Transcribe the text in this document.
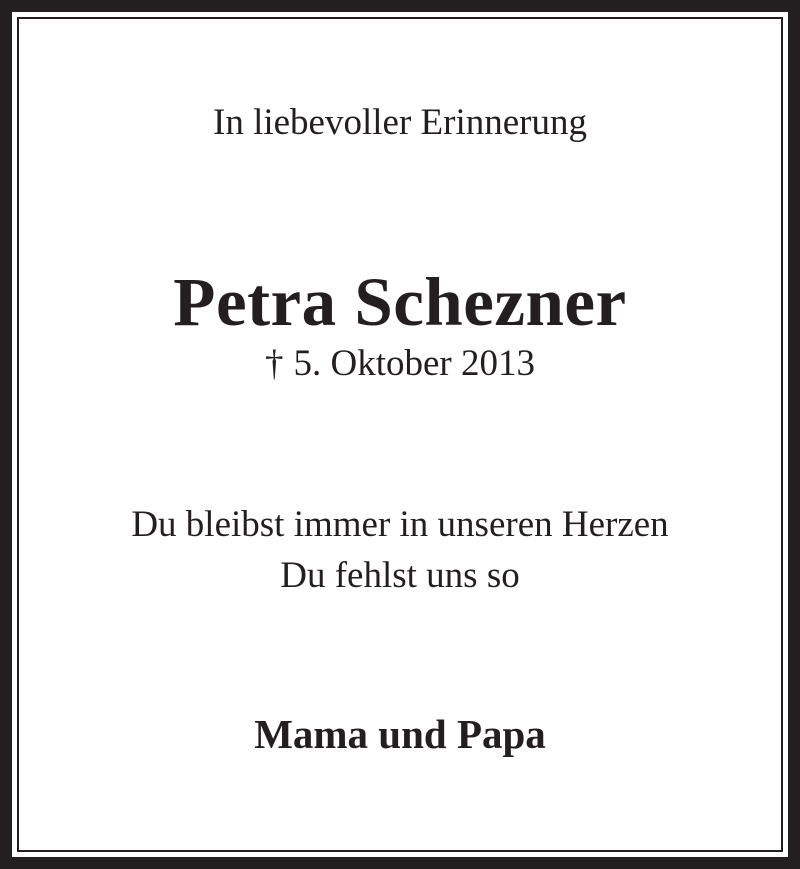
In liebevoller Erinnerung
Petra Schezner
† 5. Oktober 2013
Du bleibst immer in unseren Herzen
Du fehlst uns so
Mama und Papa
